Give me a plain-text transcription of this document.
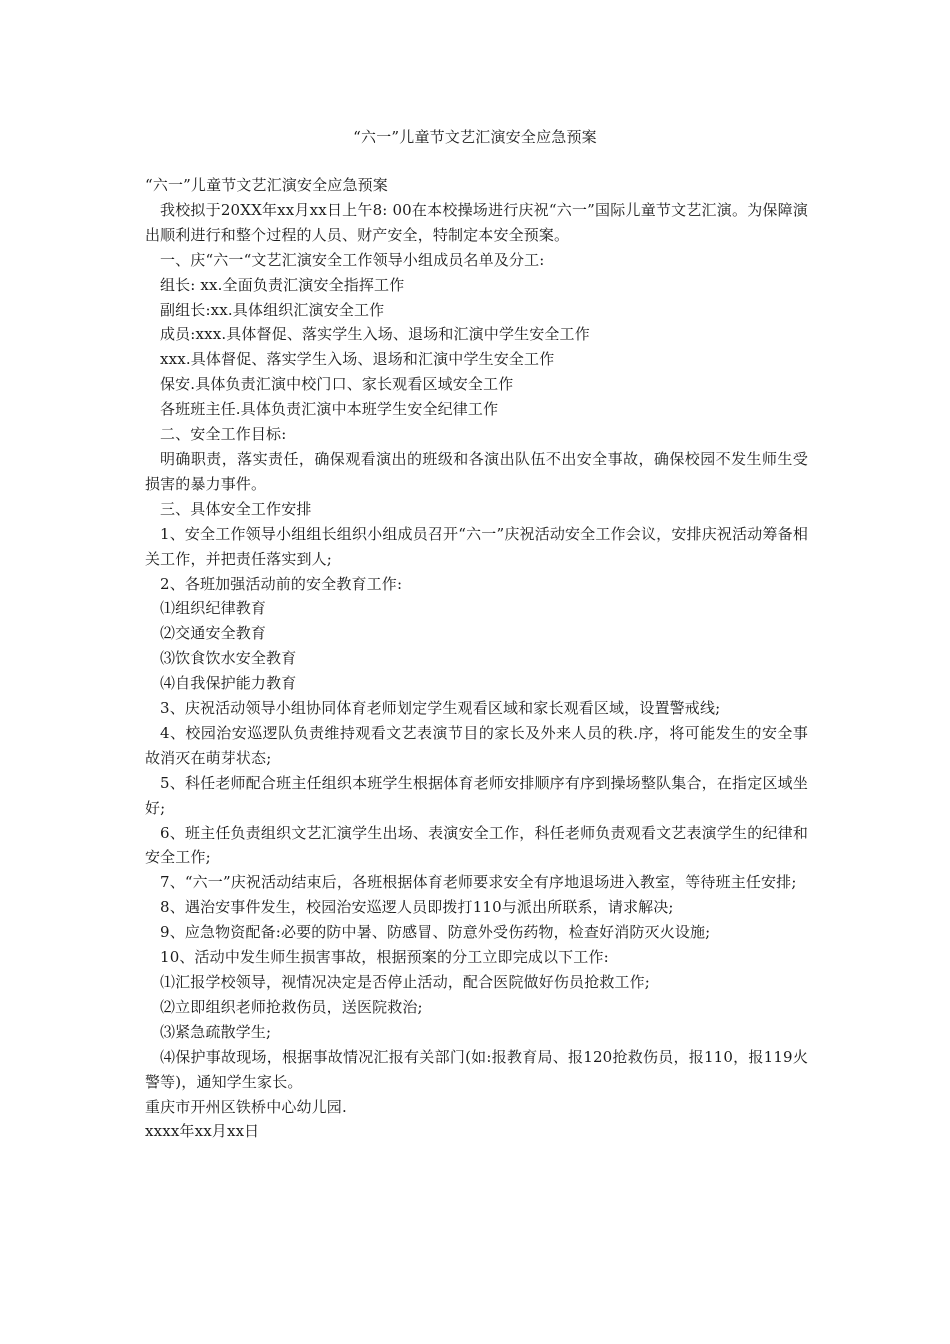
“六一”儿童节文艺汇演安全应急预案
“六一”儿童节文艺汇演安全应急预案
我校拟于20XX年xx月xx日上午8: 00在本校操场进行庆祝“六一”国际儿童节文艺汇演。为保障演出顺利进行和整个过程的人员、财产安全，特制定本安全预案。
一、庆“六一“文艺汇演安全工作领导小组成员名单及分工:
组长: xx.全面负责汇演安全指挥工作
副组长:xx.具体组织汇演安全工作
成员:xxx.具体督促、落实学生入场、退场和汇演中学生安全工作
xxx.具体督促、落实学生入场、退场和汇演中学生安全工作
保安.具体负责汇演中校门口、家长观看区域安全工作
各班班主任.具体负责汇演中本班学生安全纪律工作
二、安全工作目标:
明确职责，落实责任，确保观看演出的班级和各演出队伍不出安全事故，确保校园不发生师生受损害的暴力事件。
三、具体安全工作安排
1、安全工作领导小组组长组织小组成员召开“六一”庆祝活动安全工作会议，安排庆祝活动筹备相关工作，并把责任落实到人;
2、各班加强活动前的安全教育工作:
⑴组织纪律教育
⑵交通安全教育
⑶饮食饮水安全教育
⑷自我保护能力教育
3、庆祝活动领导小组协同体育老师划定学生观看区域和家长观看区域，设置警戒线;
4、校园治安巡逻队负责维持观看文艺表演节目的家长及外来人员的秩.序，将可能发生的安全事故消灭在萌芽状态;
5、科任老师配合班主任组织本班学生根据体育老师安排顺序有序到操场整队集合，在指定区域坐好;
6、班主任负责组织文艺汇演学生出场、表演安全工作，科任老师负责观看文艺表演学生的纪律和安全工作;
7、“六一”庆祝活动结束后，各班根据体育老师要求安全有序地退场进入教室，等待班主任安排;
8、遇治安事件发生，校园治安巡逻人员即拨打110与派出所联系，请求解决;
9、应急物资配备:必要的防中暑、防感冒、防意外受伤药物，检查好消防灭火设施;
10、活动中发生师生损害事故，根据预案的分工立即完成以下工作:
⑴汇报学校领导，视情况决定是否停止活动，配合医院做好伤员抢救工作;
⑵立即组织老师抢救伤员，送医院救治;
⑶紧急疏散学生;
⑷保护事故现场，根据事故情况汇报有关部门(如:报教育局、报120抢救伤员，报110，报119火警等)，通知学生家长。
重庆市开州区铁桥中心幼儿园.
xxxx年xx月xx日
